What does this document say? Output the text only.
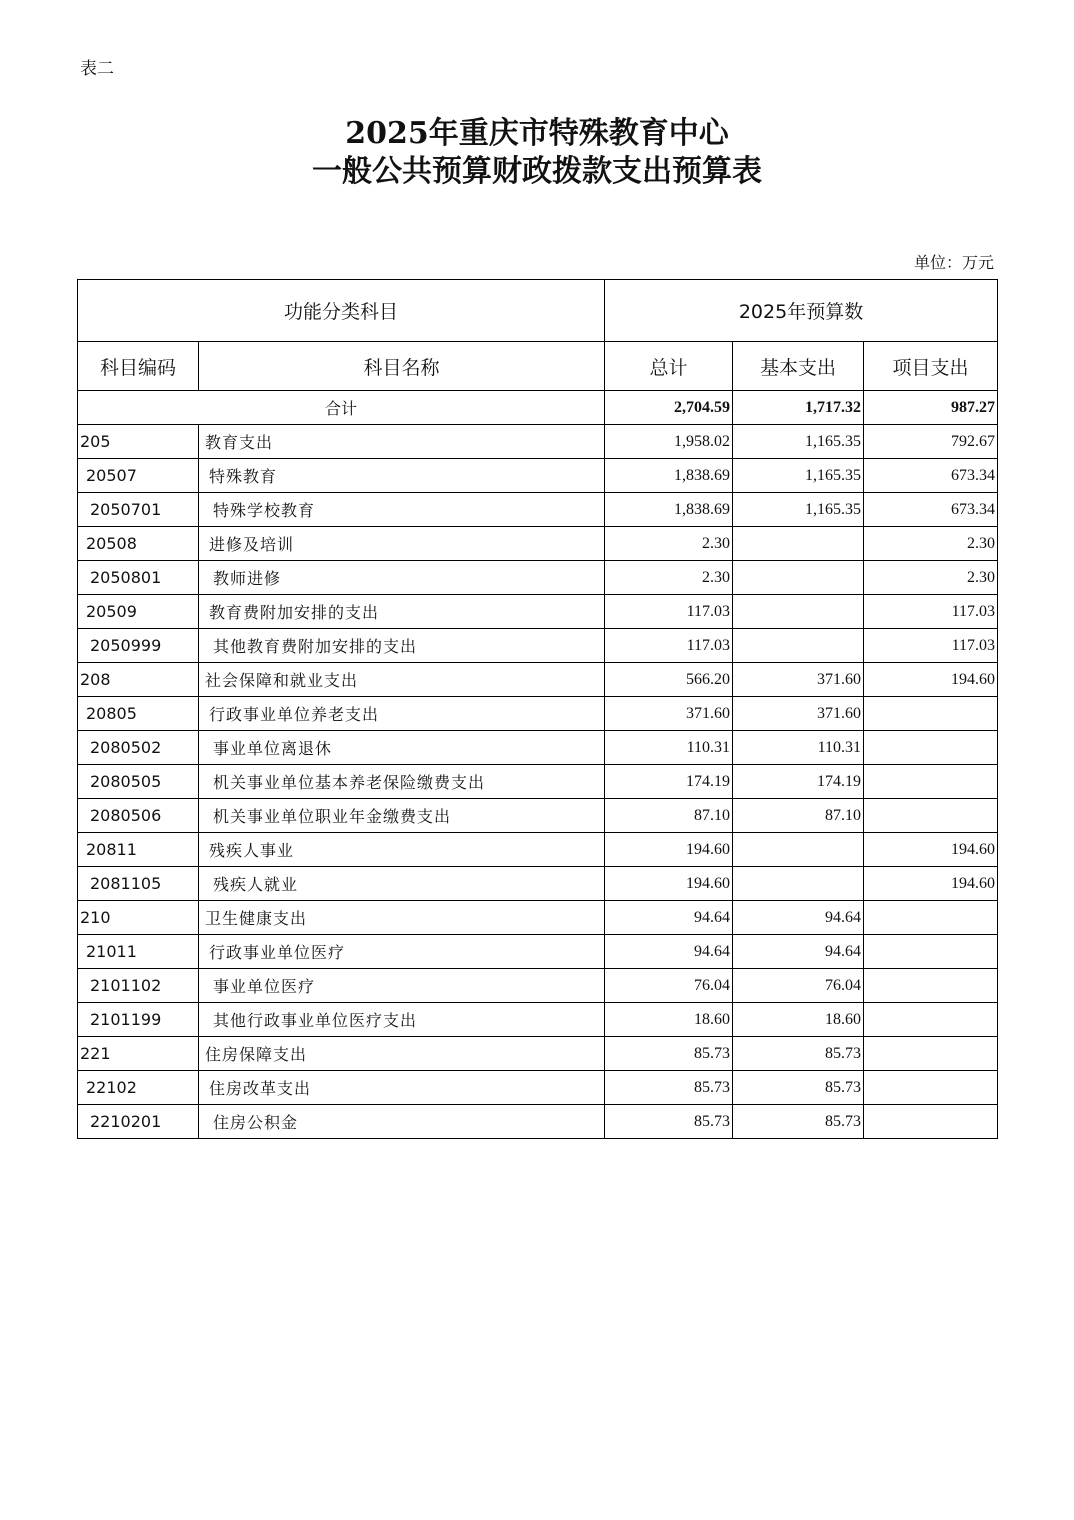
表二
2025年重庆市特殊教育中心
一般公共预算财政拨款支出预算表
单位：万元
功能分类科目		2025年预算数		
科目编码	科目名称	总计	基本支出	项目支出
合计		2,704.59	1,717.32	987.27
205	教育支出	1,958.02	1,165.35	792.67
20507	特殊教育	1,838.69	1,165.35	673.34
2050701	特殊学校教育	1,838.69	1,165.35	673.34
20508	进修及培训	2.30		2.30
2050801	教师进修	2.30		2.30
20509	教育费附加安排的支出	117.03		117.03
2050999	其他教育费附加安排的支出	117.03		117.03
208	社会保障和就业支出	566.20	371.60	194.60
20805	行政事业单位养老支出	371.60	371.60	
2080502	事业单位离退休	110.31	110.31	
2080505	机关事业单位基本养老保险缴费支出	174.19	174.19	
2080506	机关事业单位职业年金缴费支出	87.10	87.10	
20811	残疾人事业	194.60		194.60
2081105	残疾人就业	194.60		194.60
210	卫生健康支出	94.64	94.64	
21011	行政事业单位医疗	94.64	94.64	
2101102	事业单位医疗	76.04	76.04	
2101199	其他行政事业单位医疗支出	18.60	18.60	
221	住房保障支出	85.73	85.73	
22102	住房改革支出	85.73	85.73	
2210201	住房公积金	85.73	85.73	
